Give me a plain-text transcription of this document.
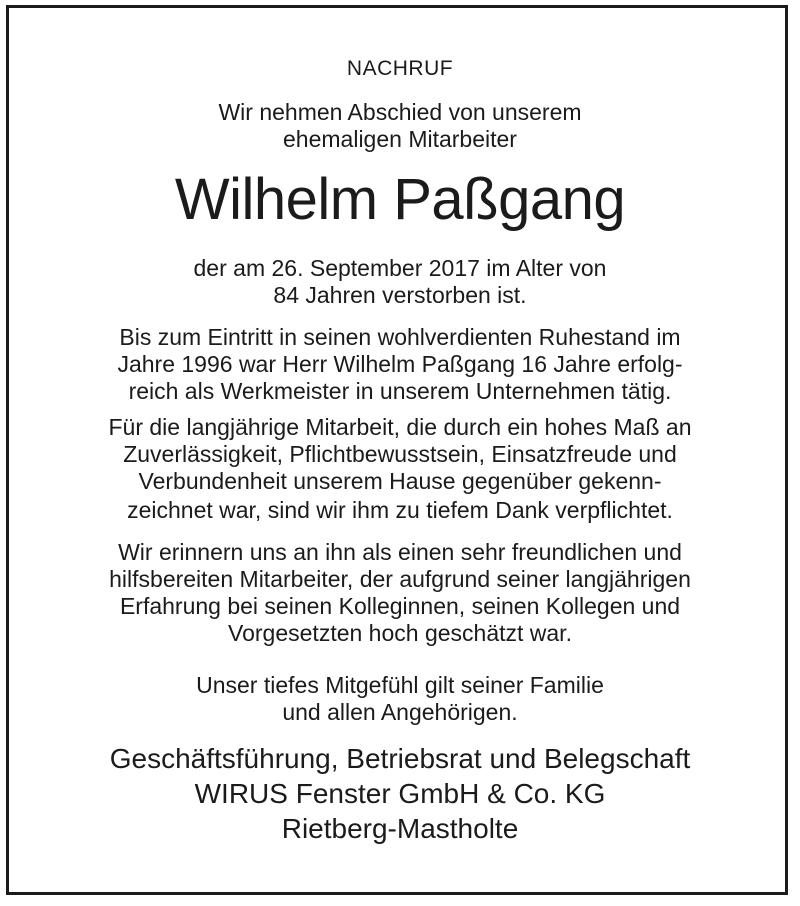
NACHRUF
Wir nehmen Abschied von unserem
ehemaligen Mitarbeiter
Wilhelm Paßgang
der am 26. September 2017 im Alter von
84 Jahren verstorben ist.
Bis zum Eintritt in seinen wohlverdienten Ruhestand im
Jahre 1996 war Herr Wilhelm Paßgang 16 Jahre erfolg-
reich als Werkmeister in unserem Unternehmen tätig.
Für die langjährige Mitarbeit, die durch ein hohes Maß an
Zuverlässigkeit, Pflichtbewusstsein, Einsatzfreude und
Verbundenheit unserem Hause gegenüber gekenn-
zeichnet war, sind wir ihm zu tiefem Dank verpflichtet.
Wir erinnern uns an ihn als einen sehr freundlichen und
hilfsbereiten Mitarbeiter, der aufgrund seiner langjährigen
Erfahrung bei seinen Kolleginnen, seinen Kollegen und
Vorgesetzten hoch geschätzt war.
Unser tiefes Mitgefühl gilt seiner Familie
und allen Angehörigen.
Geschäftsführung, Betriebsrat und Belegschaft
WIRUS Fenster GmbH & Co. KG
Rietberg-Mastholte
